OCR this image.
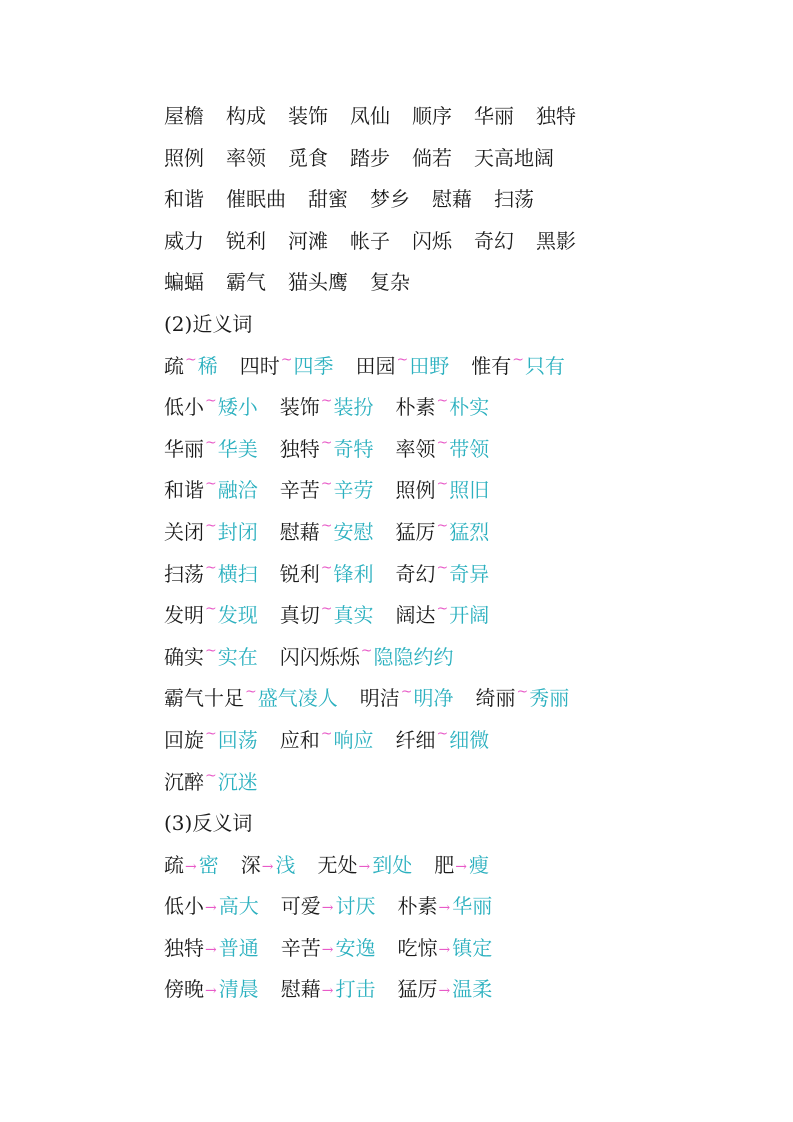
屋檐 构成 装饰 凤仙 顺序 华丽 独特
照例 率领 觅食 踏步 倘若 天高地阔
和谐 催眠曲 甜蜜 梦乡 慰藉 扫荡
威力 锐利 河滩 帐子 闪烁 奇幻 黑影
蝙蝠 霸气 猫头鹰 复杂
(2)近义词
疏~稀 四时~四季 田园~田野 惟有~只有
低小~矮小 装饰~装扮 朴素~朴实
华丽~华美 独特~奇特 率领~带领
和谐~融洽 辛苦~辛劳 照例~照旧
关闭~封闭 慰藉~安慰 猛厉~猛烈
扫荡~横扫 锐利~锋利 奇幻~奇异
发明~发现 真切~真实 阔达~开阔
确实~实在 闪闪烁烁~隐隐约约
霸气十足~盛气凌人 明洁~明净 绮丽~秀丽
回旋~回荡 应和~响应 纤细~细微
沉醉~沉迷
(3)反义词
疏→ 密 深→ 浅 无处→ 到处 肥→ 瘦
低小→ 高大 可爱→ 讨厌 朴素→ 华丽
独特→ 普通 辛苦→ 安逸 吃惊→ 镇定
傍晚→ 清晨 慰藉→ 打击 猛厉→ 温柔
